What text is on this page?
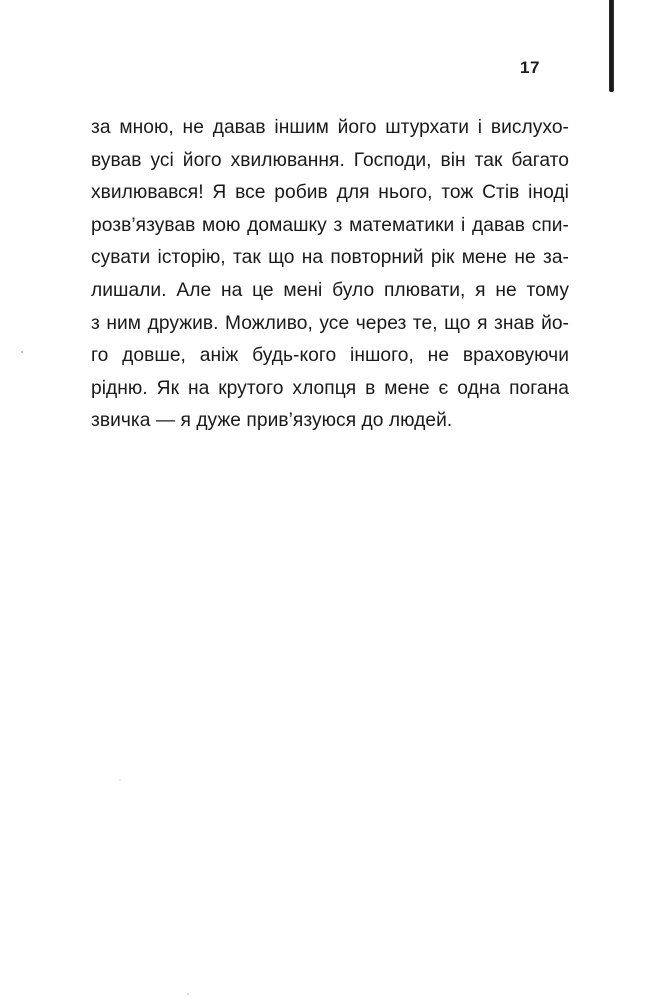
17
за мною, не давав іншим його штурхати і вислухо-
вував усі його хвилювання. Господи, він так багато
хвилювався! Я все робив для нього, тож Стів іноді
розв’язував мою домашку з математики і давав спи-
сувати історію, так що на повторний рік мене не за-
лишали. Але на це мені було плювати, я не тому
з ним дружив. Можливо, усе через те, що я знав йо-
го довше, аніж будь-кого іншого, не враховуючи
рідню. Як на крутого хлопця в мене є одна погана
звичка — я дуже прив’язуюся до людей.
